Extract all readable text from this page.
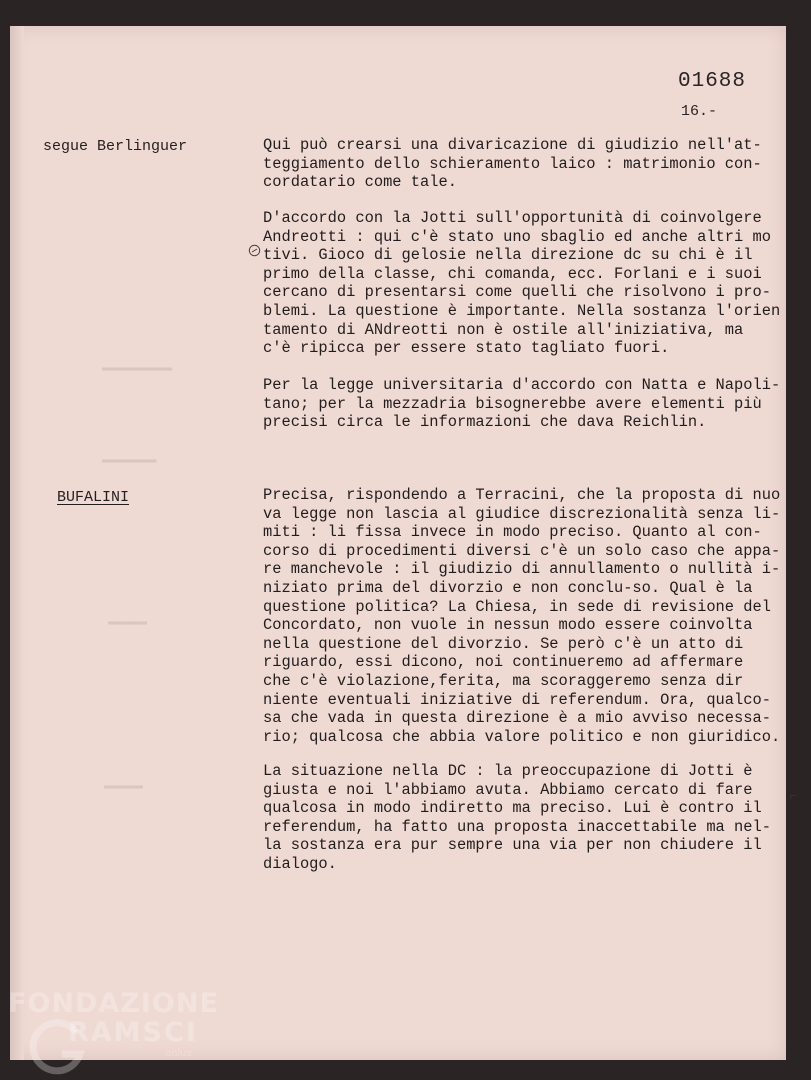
01688
16.-
▬▬▬▬▬▬▬▬▬
▬▬▬▬▬▬▬
▬▬▬▬▬
▬▬▬▬▬
segue Berlinguer	Qui può crearsi una divaricazione di giudizio nell'at-
teggiamento dello schieramento laico : matrimonio con-
cordatario come tale.

D'accordo con la Jotti sull'opportunità di coinvolgere
Andreotti : qui c'è stato uno sbaglio ed anche altri mo
tivi. Gioco di gelosie nella direzione dc su chi è il
primo della classe, chi comanda, ecc. Forlani e i suoi
cercano di presentarsi come quelli che risolvono i pro-
blemi. La questione è importante. Nella sostanza l'orien
tamento di ANdreotti non è ostile all'iniziativa, ma
c'è ripicca per essere stato tagliato fuori.

Per la legge universitaria d'accordo con Natta e Napoli-
tano; per la mezzadria bisognerebbe avere elementi più
precisi circa le informazioni che dava Reichlin.

BUFALINI	Precisa, rispondendo a Terracini, che la proposta di nuo
va legge non lascia al giudice discrezionalità senza li-
miti : li fissa invece in modo preciso. Quanto al con-
corso di procedimenti diversi c'è un solo caso che appa-
re manchevole : il giudizio di annullamento o nullità i-
niziato prima del divorzio e non conclu-so. Qual è la
questione politica? La Chiesa, in sede di revisione del
Concordato, non vuole in nessun modo essere coinvolta
nella questione del divorzio. Se però c'è un atto di
riguardo, essi dicono, noi continueremo ad affermare
che c'è violazione,ferita, ma scoraggeremo senza dir
niente eventuali iniziative di referendum. Ora, qualco-
sa che vada in questa direzione è a mio avviso necessa-
rio; qualcosa che abbia valore politico e non giuridico.

La situazione nella DC : la preoccupazione di Jotti è
giusta e noi l'abbiamo avuta. Abbiamo cercato di fare
qualcosa in modo indiretto ma preciso. Lui è contro il
referendum, ha fatto una proposta inaccettabile ma nel-
la sostanza era pur sempre una via per non chiudere il
dialogo.

⌐
FONDAZIONE
RAMSCI
onlus
